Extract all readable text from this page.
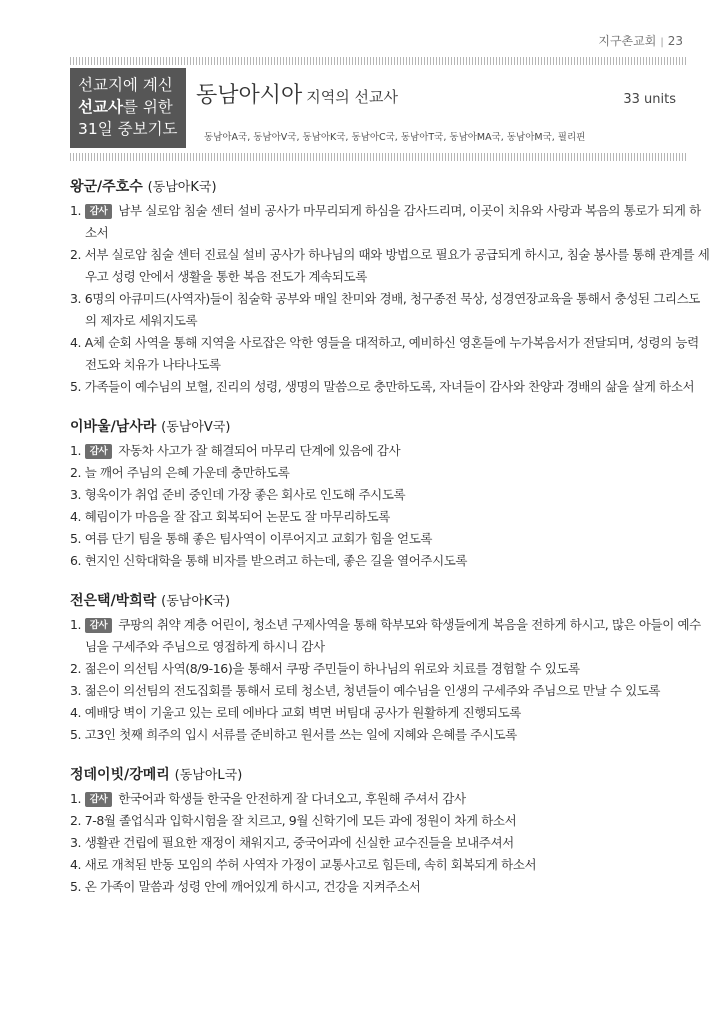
지구촌교회 | 23
선교지에 계신
선교사를 위한
31일 중보기도
동남아시아 지역의 선교사	33 units
동남아A국, 동남아V국, 동남아K국, 동남아C국, 동남아T국, 동남아MA국, 동남아M국, 필리핀
왕군/주호수 (동남아K국)
1. 감사 남부 실로암 침술 센터 설비 공사가 마무리되게 하심을 감사드리며, 이곳이 치유와 사랑과 복음의 통로가 되게 하소서
2. 서부 실로암 침술 센터 진료실 설비 공사가 하나님의 때와 방법으로 필요가 공급되게 하시고, 침술 봉사를 통해 관계를 세우고 성령 안에서 생활을 통한 복음 전도가 계속되도록
3. 6명의 아큐미드(사역자)들이 침술학 공부와 매일 찬미와 경배, 청구종전 묵상, 성경연장교육을 통해서 충성된 그리스도의 제자로 세워지도록
4. A체 순회 사역을 통해 지역을 사로잡은 악한 영들을 대적하고, 예비하신 영혼들에 누가복음서가 전달되며, 성령의 능력 전도와 치유가 나타나도록
5. 가족들이 예수님의 보혈, 진리의 성령, 생명의 말씀으로 충만하도록, 자녀들이 감사와 찬양과 경배의 삶을 살게 하소서
이바울/남사라 (동남아V국)
1. 감사 자동차 사고가 잘 해결되어 마무리 단계에 있음에 감사
2. 늘 깨어 주님의 은혜 가운데 충만하도록
3. 형욱이가 취업 준비 중인데 가장 좋은 회사로 인도해 주시도록
4. 혜림이가 마음을 잘 잡고 회복되어 논문도 잘 마무리하도록
5. 여름 단기 팀을 통해 좋은 팀사역이 이루어지고 교회가 힘을 얻도록
6. 현지인 신학대학을 통해 비자를 받으려고 하는데, 좋은 길을 열어주시도록
전은택/박희락 (동남아K국)
1. 감사 쿠팡의 취약 계층 어린이, 청소년 구제사역을 통해 학부모와 학생들에게 복음을 전하게 하시고, 많은 아들이 예수님을 구세주와 주님으로 영접하게 하시니 감사
2. 젊은이 의선팀 사역(8/9-16)을 통해서 쿠팡 주민들이 하나님의 위로와 치료를 경험할 수 있도록
3. 젊은이 의선팀의 전도집회를 통해서 로테 청소년, 청년들이 예수님을 인생의 구세주와 주님으로 만날 수 있도록
4. 예배당 벽이 기울고 있는 로테 에바다 교회 벽면 버팀대 공사가 원활하게 진행되도록
5. 고3인 첫째 희주의 입시 서류를 준비하고 원서를 쓰는 일에 지혜와 은혜를 주시도록
정데이빗/강메리 (동남아L국)
1. 감사 한국어과 학생들 한국을 안전하게 잘 다녀오고, 후원해 주셔서 감사
2. 7-8월 졸업식과 입학시험을 잘 치르고, 9월 신학기에 모든 과에 정원이 차게 하소서
3. 생활관 건립에 필요한 재정이 채워지고, 중국어과에 신실한 교수진들을 보내주셔서
4. 새로 개척된 반동 모임의 쑤허 사역자 가정이 교통사고로 힘든데, 속히 회복되게 하소서
5. 온 가족이 말씀과 성령 안에 깨어있게 하시고, 건강을 지켜주소서
